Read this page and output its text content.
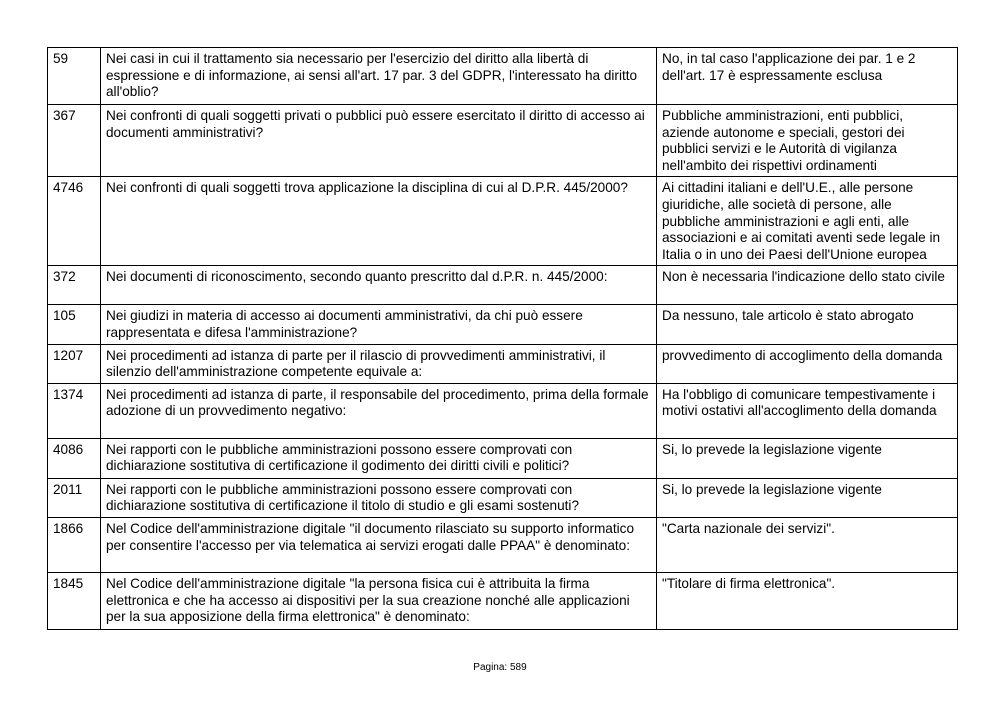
59	Nei casi in cui il trattamento sia necessario per l'esercizio del diritto alla libertà di espressione e di informazione, ai sensi all'art. 17 par. 3 del GDPR, l'interessato ha diritto all'oblio?	No, in tal caso l'applicazione dei par. 1 e 2 dell'art. 17 è espressamente esclusa
367	Nei confronti di quali soggetti privati o pubblici può essere esercitato il diritto di accesso ai documenti amministrativi?	Pubbliche amministrazioni, enti pubblici, aziende autonome e speciali, gestori dei pubblici servizi e le Autorità di vigilanza nell'ambito dei rispettivi ordinamenti
4746	Nei confronti di quali soggetti trova applicazione la disciplina di cui al D.P.R. 445/2000?	Ai cittadini italiani e dell'U.E., alle persone giuridiche, alle società di persone, alle pubbliche amministrazioni e agli enti, alle associazioni e ai comitati aventi sede legale in Italia o in uno dei Paesi dell'Unione europea
372	Nei documenti di riconoscimento, secondo quanto prescritto dal d.P.R. n. 445/2000:	Non è necessaria l'indicazione dello stato civile
105	Nei giudizi in materia di accesso ai documenti amministrativi, da chi può essere rappresentata e difesa l'amministrazione?	Da nessuno, tale articolo è stato abrogato
1207	Nei procedimenti ad istanza di parte per il rilascio di provvedimenti amministrativi, il silenzio dell'amministrazione competente equivale a:	provvedimento di accoglimento della domanda
1374	Nei procedimenti ad istanza di parte, il responsabile del procedimento, prima della formale adozione di un provvedimento negativo:	Ha l'obbligo di comunicare tempestivamente i motivi ostativi all'accoglimento della domanda
4086	Nei rapporti con le pubbliche amministrazioni possono essere comprovati con dichiarazione sostitutiva di certificazione il godimento dei diritti civili e politici?	Si, lo prevede la legislazione vigente
2011	Nei rapporti con le pubbliche amministrazioni possono essere comprovati con dichiarazione sostitutiva di certificazione il titolo di studio e gli esami sostenuti?	Si, lo prevede la legislazione vigente
1866	Nel Codice dell'amministrazione digitale "il documento rilasciato su supporto informatico per consentire l'accesso per via telematica ai servizi erogati dalle PPAA" è denominato:	"Carta nazionale dei servizi".
1845	Nel Codice dell'amministrazione digitale "la persona fisica cui è attribuita la firma elettronica e che ha accesso ai dispositivi per la sua creazione nonché alle applicazioni per la sua apposizione della firma elettronica" è denominato:	"Titolare di firma elettronica".
Pagina: 589
